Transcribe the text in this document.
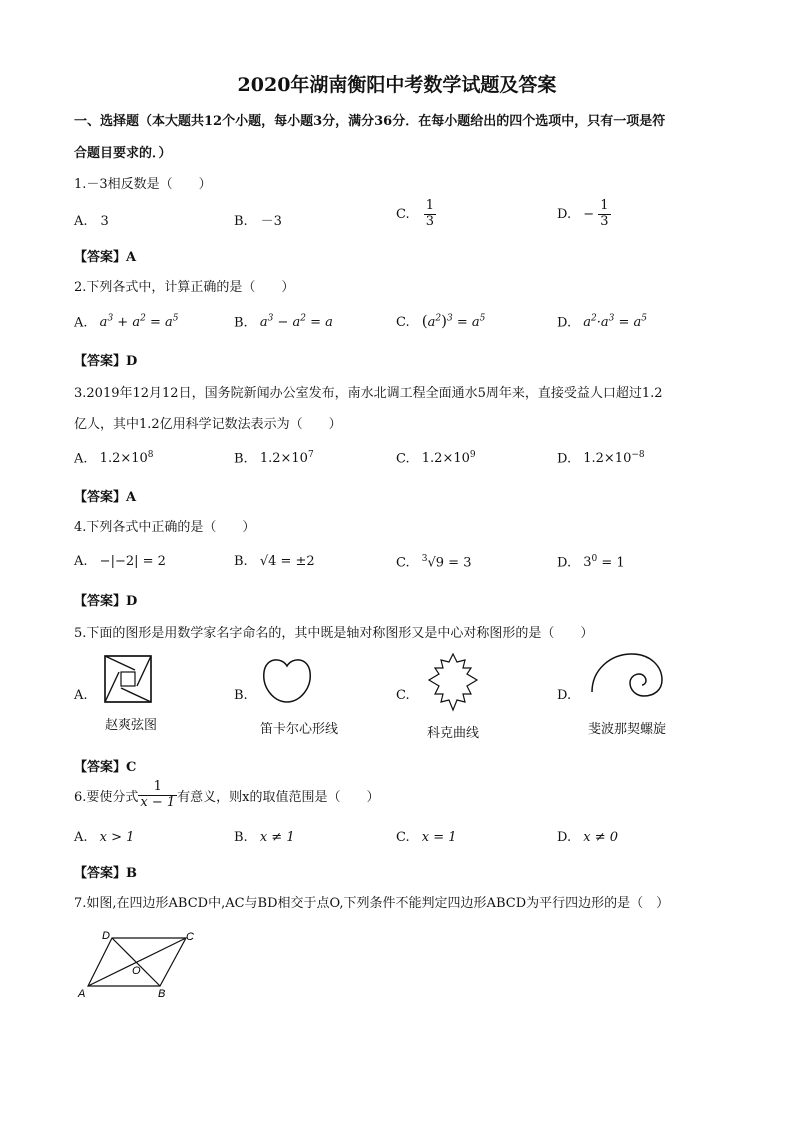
2020年湖南衡阳中考数学试题及答案
一、选择题（本大题共12个小题，每小题3分，满分36分．在每小题给出的四个选项中，只有一项是符
合题目要求的．）
1.－3相反数是（　　）
A.　3	B.　－3	C. $\frac{1}{3}$	D. − $\frac{1}{3}$
【答案】A
2.下列各式中，计算正确的是（　　）
A. $a^3 + a^2 = a^5$	B. $a^3 - a^2 = a$	C. $(a^2)^3 = a^5$	D. $a^2\cdot a^3 = a^5$
【答案】D
3.2019年12月12日，国务院新闻办公室发布，南水北调工程全面通水5周年来，直接受益人口超过1.2
亿人，其中1.2亿用科学记数法表示为（　　）
A. $1.2\times 10^8$	B. $1.2\times 10^7$	C. $1.2\times 10^9$	D. $1.2\times 10^{-8}$
【答案】A
4.下列各式中正确的是（　　）
A. −|−2| = 2	B. √4 = ±2	C. $^3$√9 = 3	D. $3^0 = 1$
【答案】D
5.下面的图形是用数学家名字命名的，其中既是轴对称图形又是中心对称图形的是（　　）
A.
赵爽弦图
B.
笛卡尔心形线
C.
科克曲线
D.
斐波那契螺旋
【答案】C
6.要使分式 $\frac{1}{x - 1}$ 有意义，则x的取值范围是（　　）
A. x > 1	B. x ≠ 1	C. x = 1	D. x ≠ 0
【答案】B
7.如图,在四边形ABCD中,AC与BD相交于点O,下列条件不能判定四边形ABCD为平行四边形的是（　）
A	B
C
D
O
